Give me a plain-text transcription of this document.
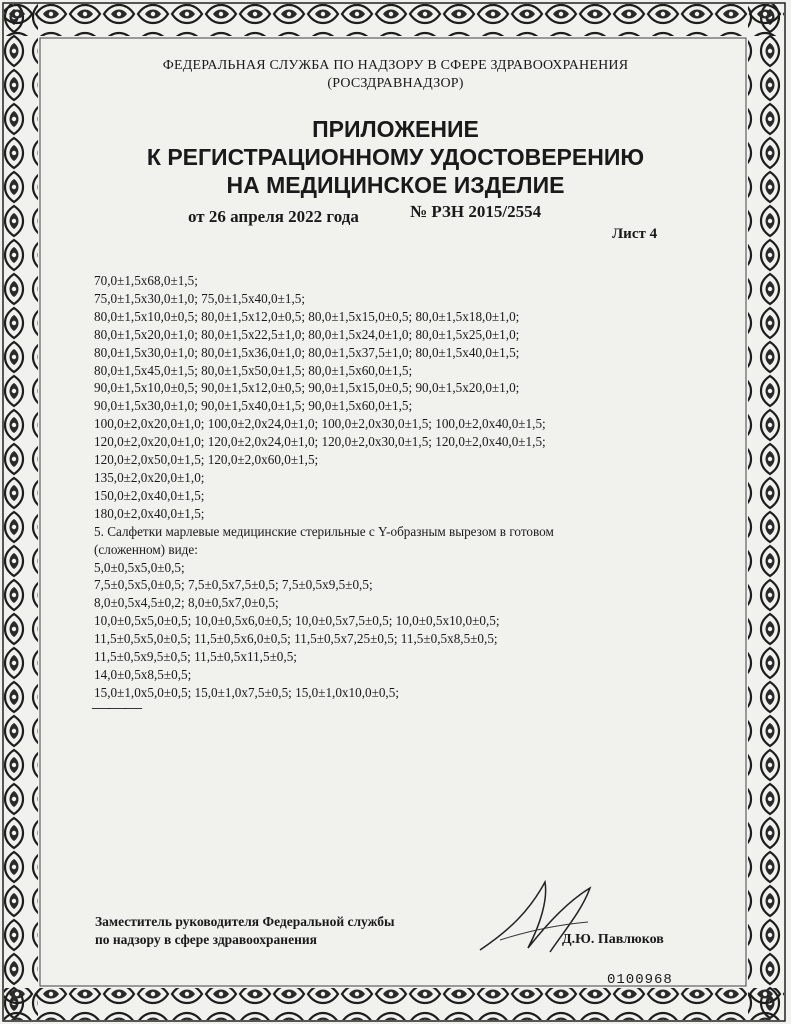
ФЕДЕРАЛЬНАЯ СЛУЖБА ПО НАДЗОРУ В СФЕРЕ ЗДРАВООХРАНЕНИЯ
(РОСЗДРАВНАДЗОР)
ПРИЛОЖЕНИЕ
К РЕГИСТРАЦИОННОМУ УДОСТОВЕРЕНИЮ
НА МЕДИЦИНСКОЕ ИЗДЕЛИЕ
от 26 апреля 2022 года	№ РЗН 2015/2554
Лист 4
70,0±1,5x68,0±1,5;
75,0±1,5x30,0±1,0; 75,0±1,5x40,0±1,5;
80,0±1,5x10,0±0,5; 80,0±1,5x12,0±0,5; 80,0±1,5x15,0±0,5; 80,0±1,5x18,0±1,0;
80,0±1,5x20,0±1,0; 80,0±1,5x22,5±1,0; 80,0±1,5x24,0±1,0; 80,0±1,5x25,0±1,0;
80,0±1,5x30,0±1,0; 80,0±1,5x36,0±1,0; 80,0±1,5x37,5±1,0; 80,0±1,5x40,0±1,5;
80,0±1,5x45,0±1,5; 80,0±1,5x50,0±1,5; 80,0±1,5x60,0±1,5;
90,0±1,5x10,0±0,5; 90,0±1,5x12,0±0,5; 90,0±1,5x15,0±0,5; 90,0±1,5x20,0±1,0;
90,0±1,5x30,0±1,0; 90,0±1,5x40,0±1,5; 90,0±1,5x60,0±1,5;
100,0±2,0x20,0±1,0; 100,0±2,0x24,0±1,0; 100,0±2,0x30,0±1,5; 100,0±2,0x40,0±1,5;
120,0±2,0x20,0±1,0; 120,0±2,0x24,0±1,0; 120,0±2,0x30,0±1,5; 120,0±2,0x40,0±1,5;
120,0±2,0x50,0±1,5; 120,0±2,0x60,0±1,5;
135,0±2,0x20,0±1,0;
150,0±2,0x40,0±1,5;
180,0±2,0x40,0±1,5;
5. Салфетки марлевые медицинские стерильные с Y-образным вырезом в готовом
(сложенном) виде:
5,0±0,5x5,0±0,5;
7,5±0,5x5,0±0,5; 7,5±0,5x7,5±0,5; 7,5±0,5x9,5±0,5;
8,0±0,5x4,5±0,2; 8,0±0,5x7,0±0,5;
10,0±0,5x5,0±0,5; 10,0±0,5x6,0±0,5; 10,0±0,5x7,5±0,5; 10,0±0,5x10,0±0,5;
11,5±0,5x5,0±0,5; 11,5±0,5x6,0±0,5; 11,5±0,5x7,25±0,5; 11,5±0,5x8,5±0,5;
11,5±0,5x9,5±0,5; 11,5±0,5x11,5±0,5;
14,0±0,5x8,5±0,5;
15,0±1,0x5,0±0,5; 15,0±1,0x7,5±0,5; 15,0±1,0x10,0±0,5;
―――
Заместитель руководителя Федеральной службы
по надзору в сфере здравоохранения	Д.Ю. Павлюков
0100968
